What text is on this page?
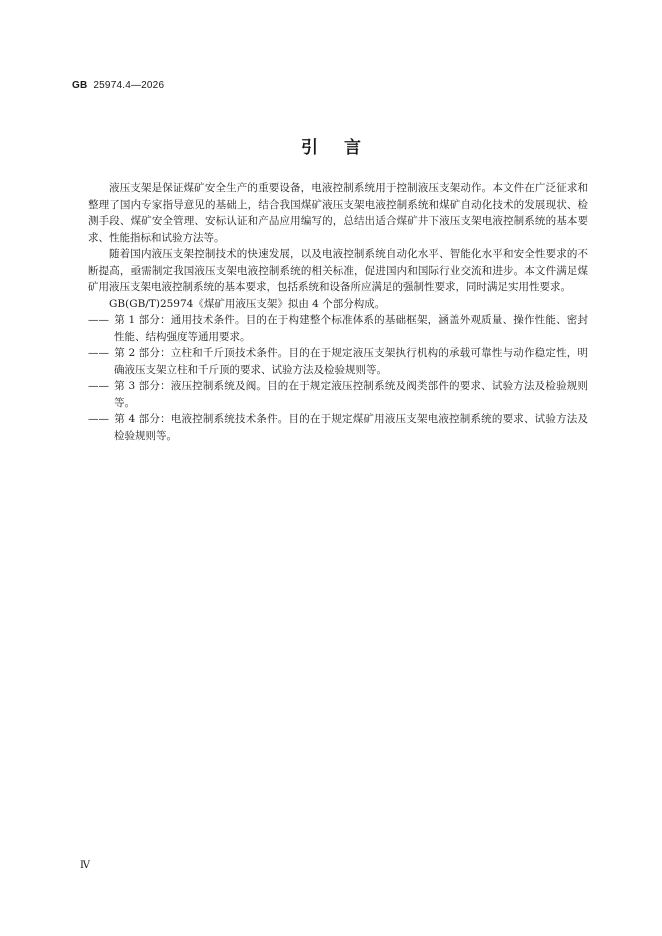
GB 25974.4—2026
引言

液压支架是保证煤矿安全生产的重要设备，电液控制系统用于控制液压支架动作。本文件在广泛征求和整理了国内专家指导意见的基础上，结合我国煤矿液压支架电液控制系统和煤矿自动化技术的发展现状、检测手段、煤矿安全管理、安标认证和产品应用编写的，总结出适合煤矿井下液压支架电液控制系统的基本要求、性能指标和试验方法等。

随着国内液压支架控制技术的快速发展，以及电液控制系统自动化水平、智能化水平和安全性要求的不断提高，亟需制定我国液压支架电液控制系统的相关标准，促进国内和国际行业交流和进步。本文件满足煤矿用液压支架电液控制系统的基本要求，包括系统和设备所应满足的强制性要求，同时满足实用性要求。

GB(GB/T)25974《煤矿用液压支架》拟由 4 个部分构成。

—— 第 1 部分：通用技术条件。目的在于构建整个标准体系的基础框架，涵盖外观质量、操作性能、密封性能、结构强度等通用要求。
—— 第 2 部分：立柱和千斤顶技术条件。目的在于规定液压支架执行机构的承载可靠性与动作稳定性，明确液压支架立柱和千斤顶的要求、试验方法及检验规则等。
—— 第 3 部分：液压控制系统及阀。目的在于规定液压控制系统及阀类部件的要求、试验方法及检验规则等。
—— 第 4 部分：电液控制系统技术条件。目的在于规定煤矿用液压支架电液控制系统的要求、试验方法及检验规则等。
Ⅳ
